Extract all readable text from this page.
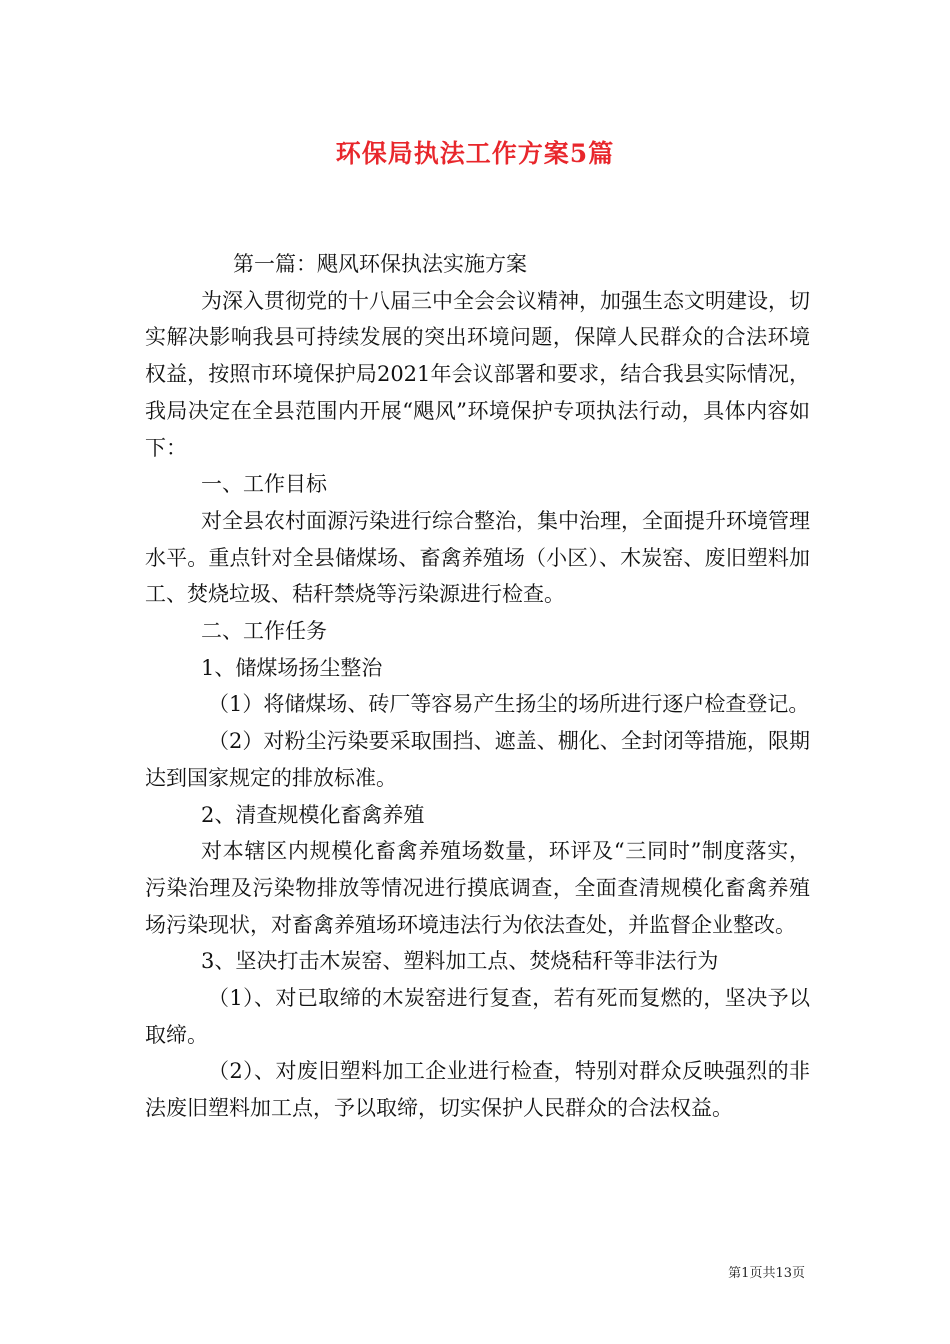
环保局执法工作方案5篇

第一篇：飓风环保执法实施方案

为深入贯彻党的十八届三中全会会议精神，加强生态文明建设，切实解决影响我县可持续发展的突出环境问题，保障人民群众的合法环境权益，按照市环境保护局2021年会议部署和要求，结合我县实际情况，我局决定在全县范围内开展“飓风”环境保护专项执法行动，具体内容如下：

一、工作目标

对全县农村面源污染进行综合整治，集中治理，全面提升环境管理水平。重点针对全县储煤场、畜禽养殖场（小区）、木炭窑、废旧塑料加工、焚烧垃圾、秸秆禁烧等污染源进行检查。

二、工作任务

1、储煤场扬尘整治

（1）将储煤场、砖厂等容易产生扬尘的场所进行逐户检查登记。

（2）对粉尘污染要采取围挡、遮盖、棚化、全封闭等措施，限期达到国家规定的排放标准。

2、清查规模化畜禽养殖

对本辖区内规模化畜禽养殖场数量，环评及“三同时”制度落实，污染治理及污染物排放等情况进行摸底调查，全面查清规模化畜禽养殖场污染现状，对畜禽养殖场环境违法行为依法查处，并监督企业整改。

3、坚决打击木炭窑、塑料加工点、焚烧秸秆等非法行为

（1）、对已取缔的木炭窑进行复查，若有死而复燃的，坚决予以取缔。

（2）、对废旧塑料加工企业进行检查，特别对群众反映强烈的非法废旧塑料加工点，予以取缔，切实保护人民群众的合法权益。

第1页共13页
